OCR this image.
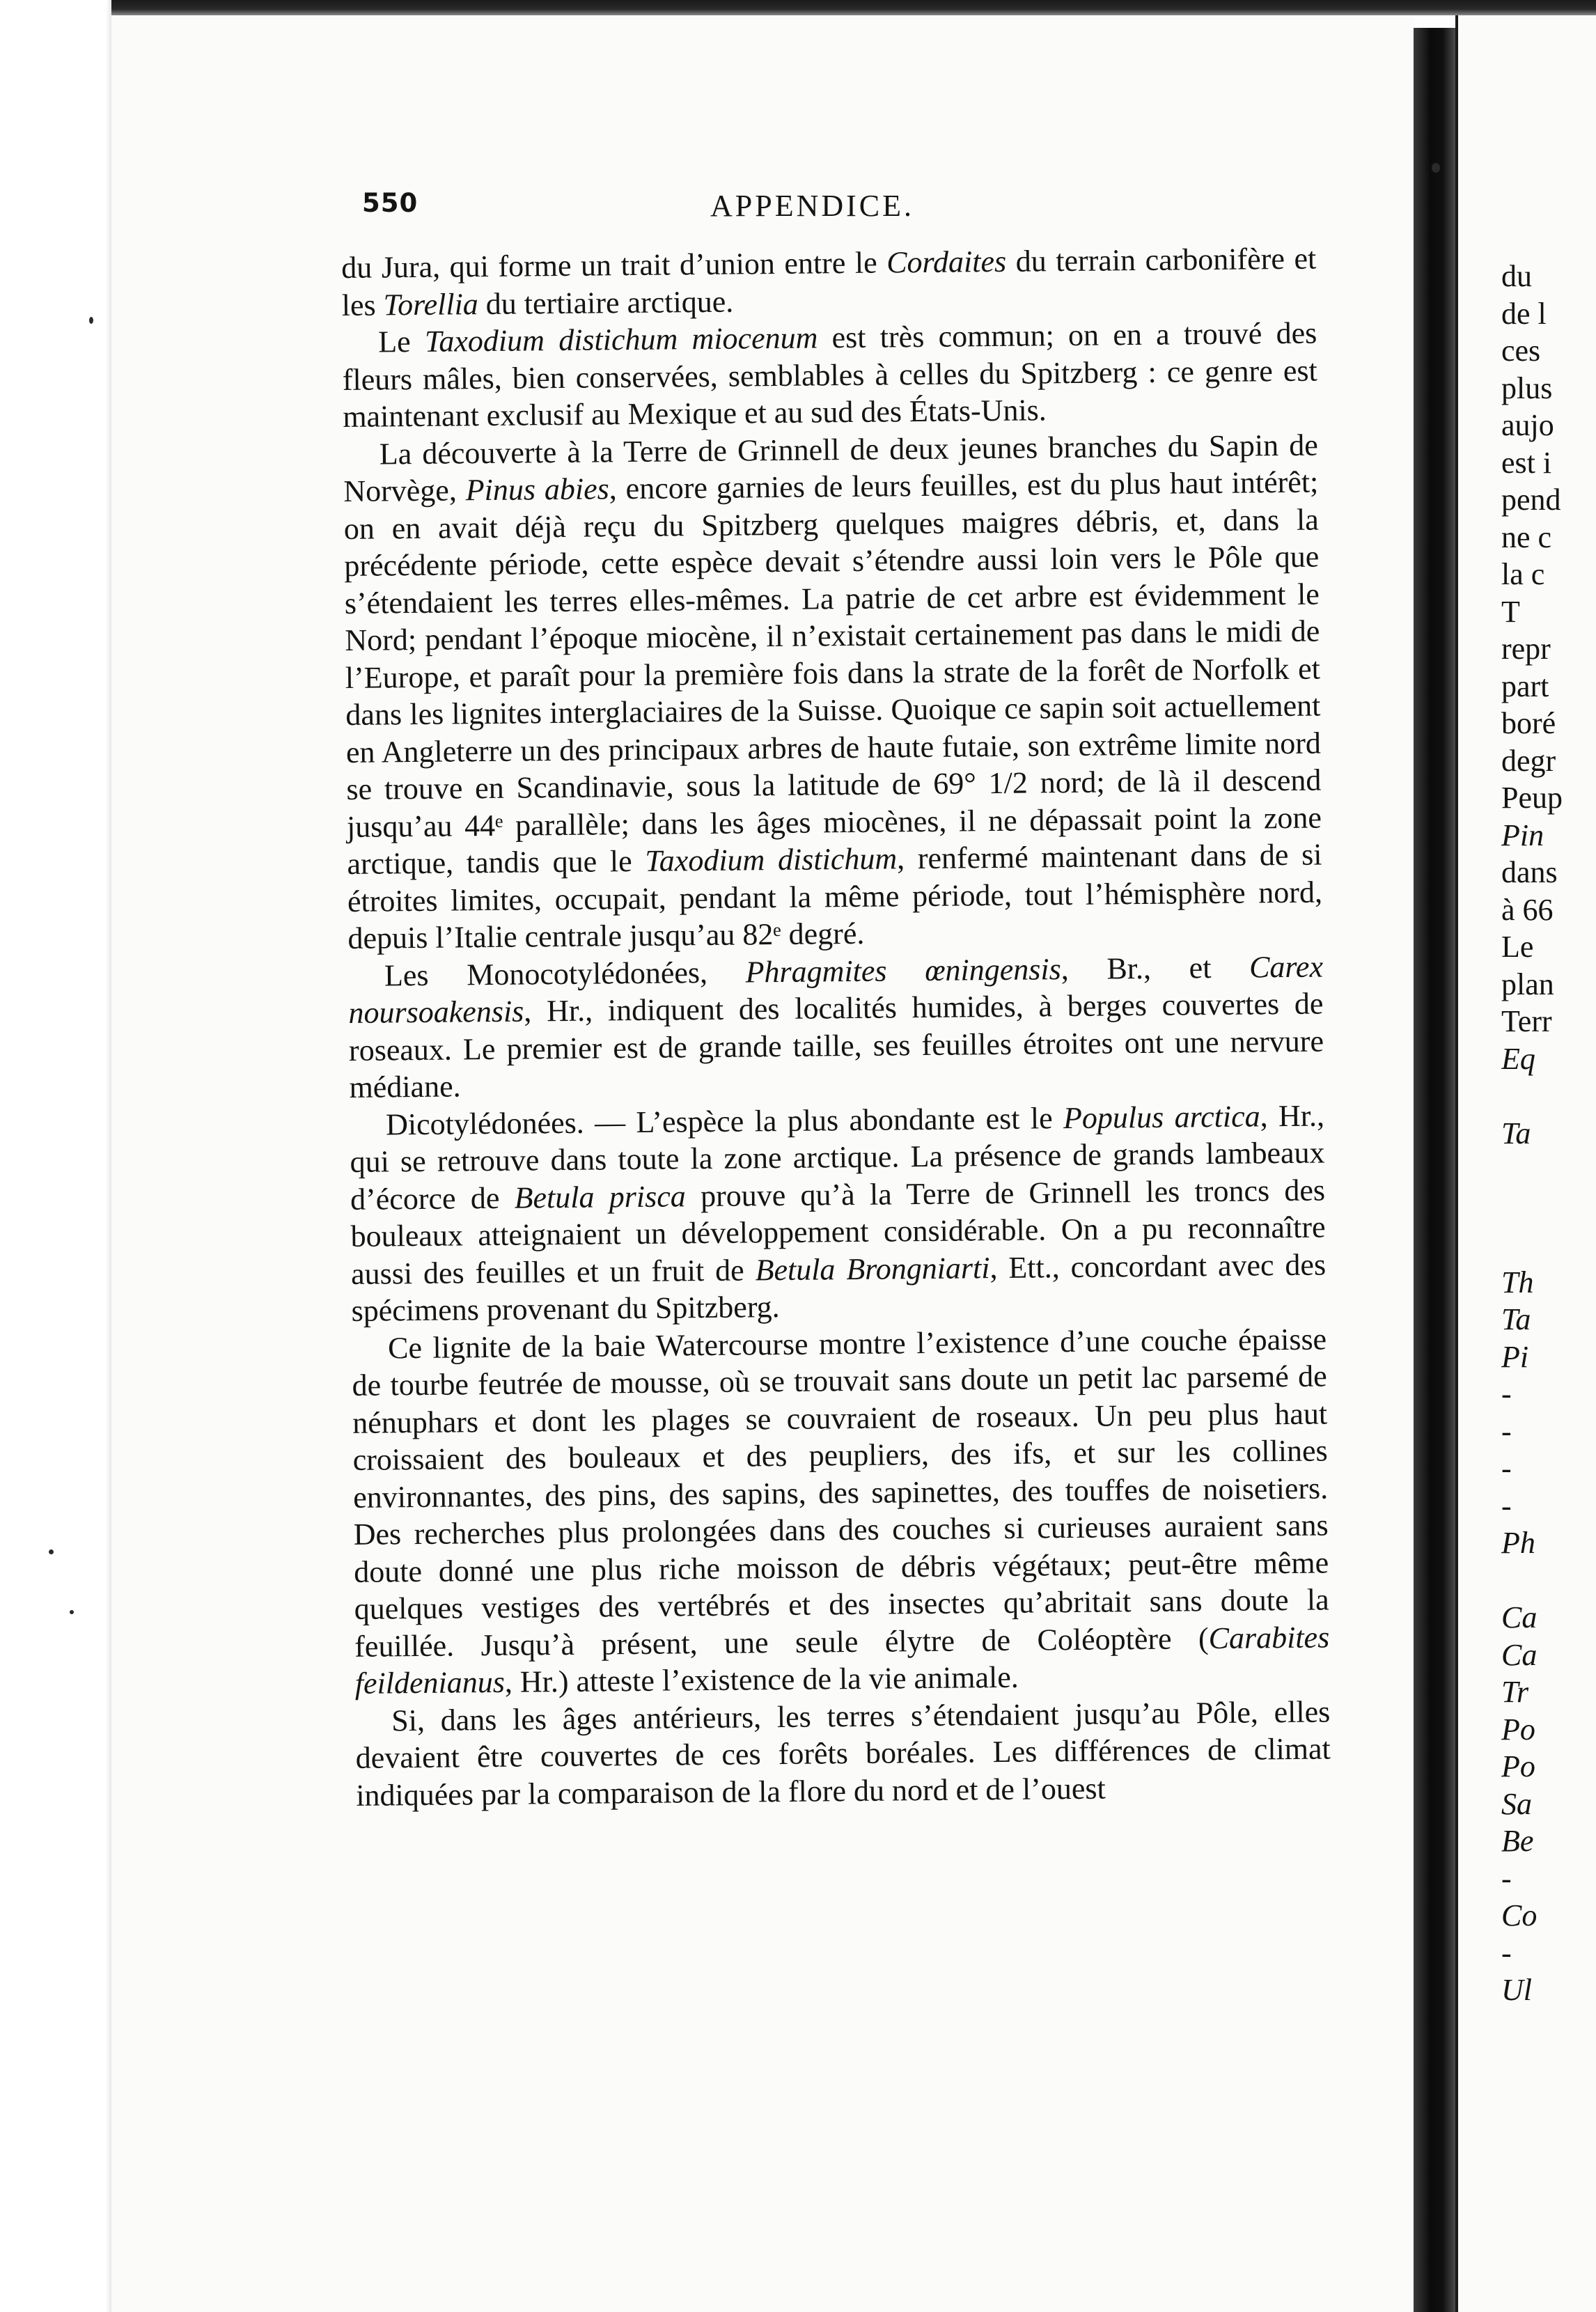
550	APPENDICE.

du Jura, qui forme un trait d’union entre le Cordaites du terrain carbonifère et les Torellia du tertiaire arctique.

Le Taxodium distichum miocenum est très commun; on en a trouvé des fleurs mâles, bien conservées, semblables à celles du Spitzberg : ce genre est maintenant exclusif au Mexique et au sud des États-Unis.

La découverte à la Terre de Grinnell de deux jeunes branches du Sapin de Norvège, Pinus abies, encore garnies de leurs feuilles, est du plus haut intérêt; on en avait déjà reçu du Spitzberg quelques maigres débris, et, dans la précédente période, cette espèce devait s’étendre aussi loin vers le Pôle que s’étendaient les terres elles-mêmes. La patrie de cet arbre est évidemment le Nord; pendant l’époque miocène, il n’existait certainement pas dans le midi de l’Europe, et paraît pour la première fois dans la strate de la forêt de Norfolk et dans les lignites interglaciaires de la Suisse. Quoique ce sapin soit actuellement en Angleterre un des principaux arbres de haute futaie, son extrême limite nord se trouve en Scandinavie, sous la latitude de 69° 1/2 nord; de là il descend jusqu’au 44ᵉ parallèle; dans les âges miocènes, il ne dépassait point la zone arctique, tandis que le Taxodium distichum, renfermé maintenant dans de si étroites limites, occupait, pendant la même période, tout l’hémisphère nord, depuis l’Italie centrale jusqu’au 82ᵉ degré.

Les Monocotylédonées, Phragmites œningensis, Br., et Carex noursoakensis, Hr., indiquent des localités humides, à berges couvertes de roseaux. Le premier est de grande taille, ses feuilles étroites ont une nervure médiane.

Dicotylédonées. — L’espèce la plus abondante est le Populus arctica, Hr., qui se retrouve dans toute la zone arctique. La présence de grands lambeaux d’écorce de Betula prisca prouve qu’à la Terre de Grinnell les troncs des bouleaux atteignaient un développement considérable. On a pu reconnaître aussi des feuilles et un fruit de Betula Brongniarti, Ett., concordant avec des spécimens provenant du Spitzberg.

Ce lignite de la baie Watercourse montre l’existence d’une couche épaisse de tourbe feutrée de mousse, où se trouvait sans doute un petit lac parsemé de nénuphars et dont les plages se couvraient de roseaux. Un peu plus haut croissaient des bouleaux et des peupliers, des ifs, et sur les collines environnantes, des pins, des sapins, des sapinettes, des touffes de noisetiers. Des recherches plus prolongées dans des couches si curieuses auraient sans doute donné une plus riche moisson de débris végétaux; peut-être même quelques vestiges des vertébrés et des insectes qu’abritait sans doute la feuillée. Jusqu’à présent, une seule élytre de Coléoptère (Carabites feildenianus, Hr.) atteste l’existence de la vie animale.

Si, dans les âges antérieurs, les terres s’étendaient jusqu’au Pôle, elles devaient être couvertes de ces forêts boréales. Les différences de climat indiquées par la comparaison de la flore du nord et de l’ouest

du
de l
ces
plus
aujo
est i
pend
ne c
la c
T
repr
part
boré
degr
Peup
Pin
dans
à 66
Le
plan
Terr
Eq
Ta
Th
Ta
Pi
-
-
-
-
Ph
Ca
Ca
Tr
Po
Po
Sa
Be
-
Co
-
Ul
